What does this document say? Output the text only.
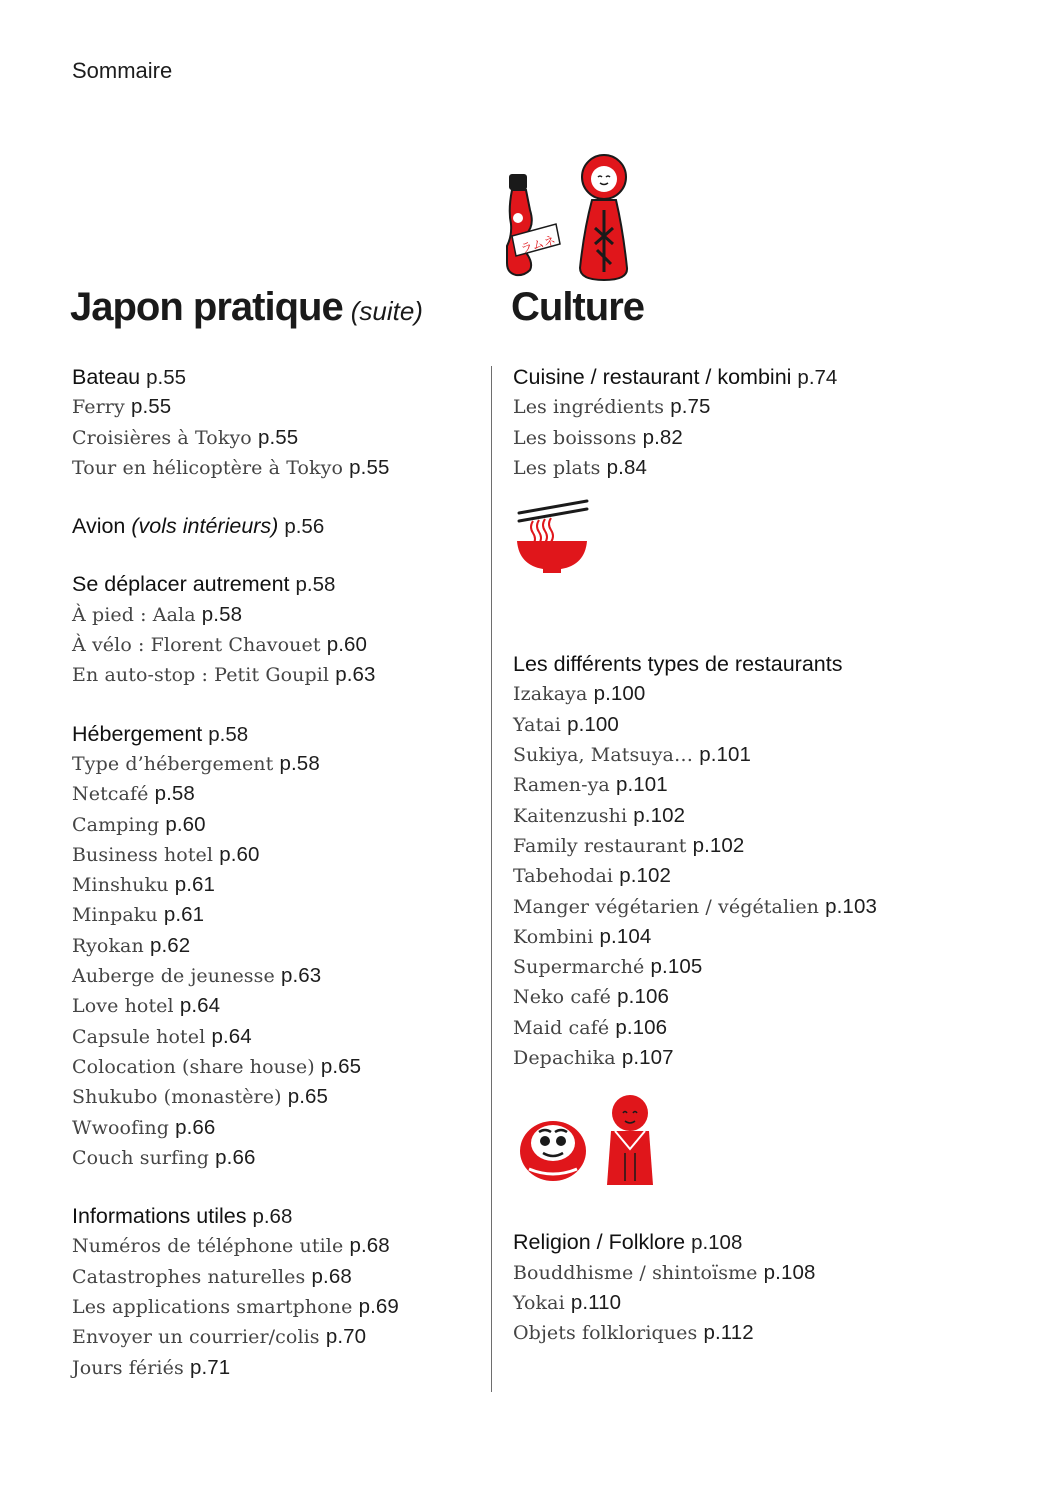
Sommaire
ラムネ
Japon pratique (suite)
Bateau p.55
Ferry p.55
Croisières à Tokyo p.55
Tour en hélicoptère à Tokyo p.55
Avion (vols intérieurs) p.56
Se déplacer autrement p.58
À pied : Aala p.58
À vélo : Florent Chavouet p.60
En auto-stop : Petit Goupil p.63
Hébergement p.58
Type d’hébergement p.58
Netcafé p.58
Camping p.60
Business hotel p.60
Minshuku p.61
Minpaku p.61
Ryokan p.62
Auberge de jeunesse p.63
Love hotel p.64
Capsule hotel p.64
Colocation (share house) p.65
Shukubo (monastère) p.65
Wwoofing p.66
Couch surfing p.66
Informations utiles p.68
Numéros de téléphone utile p.68
Catastrophes naturelles p.68
Les applications smartphone p.69
Envoyer un courrier/colis p.70
Jours fériés p.71
Culture
Cuisine / restaurant / kombini p.74
Les ingrédients p.75
Les boissons p.82
Les plats p.84
Les différents types de restaurants
Izakaya p.100
Yatai p.100
Sukiya, Matsuya… p.101
Ramen-ya p.101
Kaitenzushi p.102
Family restaurant p.102
Tabehodai p.102
Manger végétarien / végétalien p.103
Kombini p.104
Supermarché p.105
Neko café p.106
Maid café p.106
Depachika p.107
Religion / Folklore p.108
Bouddhisme / shintoïsme p.108
Yokai p.110
Objets folkloriques p.112
